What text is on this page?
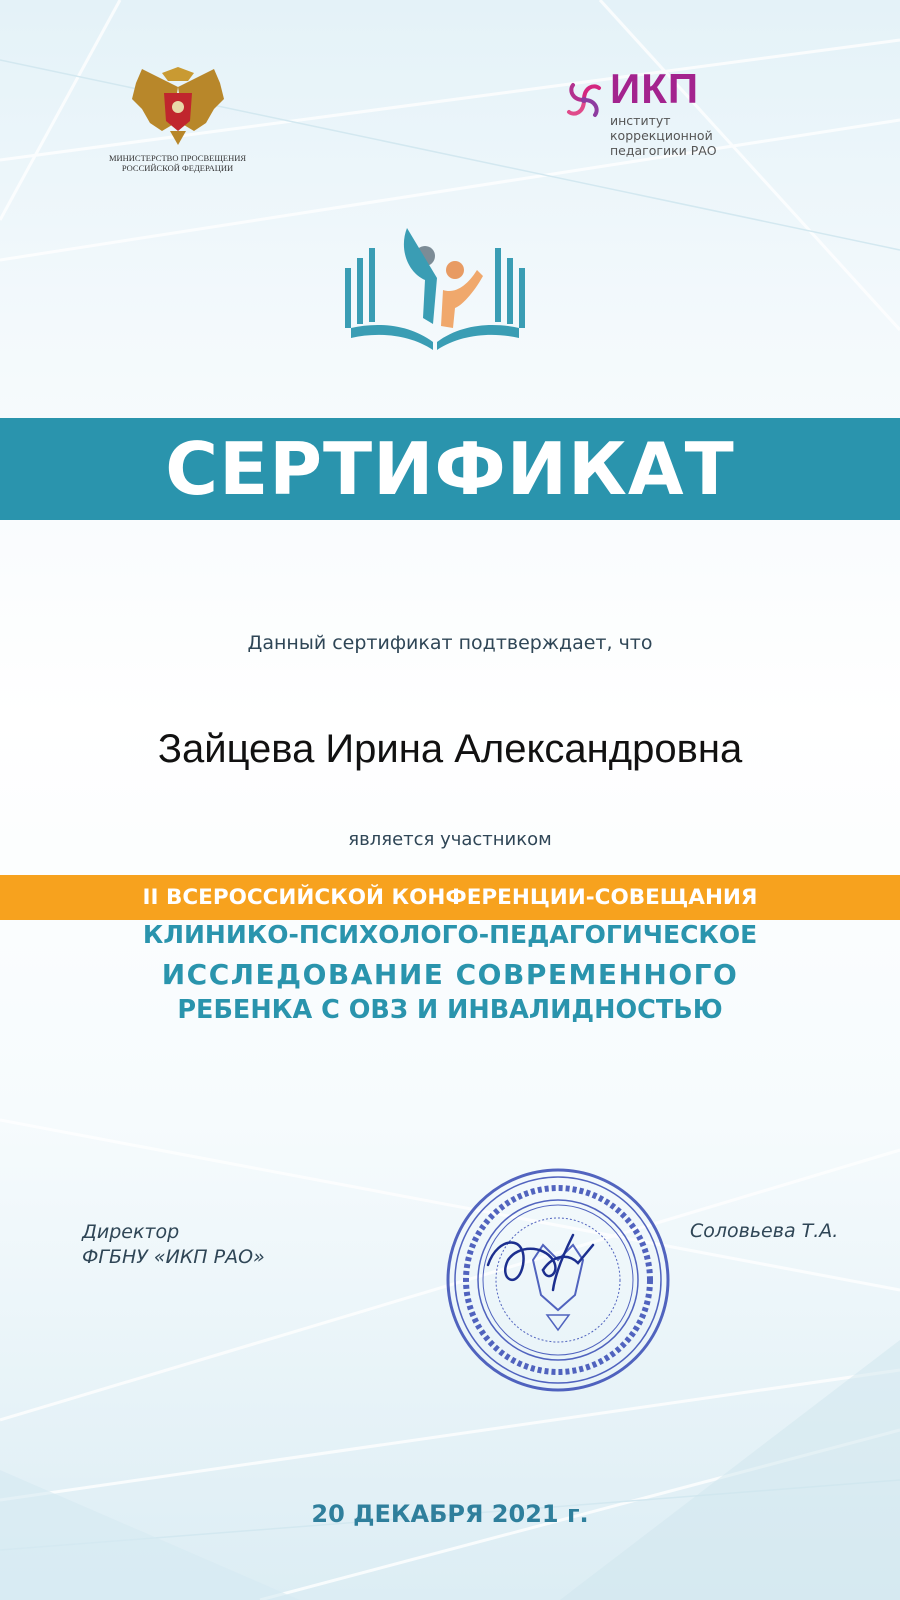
МИНИСТЕРСТВО ПРОСВЕЩЕНИЯ
РОССИЙСКОЙ ФЕДЕРАЦИИ
ИКП
институт
коррекционной
педагогики РАО
СЕРТИФИКАТ
Данный сертификат подтверждает, что
Зайцева Ирина Александровна
является участником
II ВСЕРОССИЙСКОЙ КОНФЕРЕНЦИИ-СОВЕЩАНИЯ
КЛИНИКО-ПСИХОЛОГО-ПЕДАГОГИЧЕСКОЕ
ИССЛЕДОВАНИЕ СОВРЕМЕННОГО
РЕБЕНКА С ОВЗ И ИНВАЛИДНОСТЬЮ
Директор
ФГБНУ «ИКП РАО»
Соловьева Т.А.
20 ДЕКАБРЯ 2021 г.
